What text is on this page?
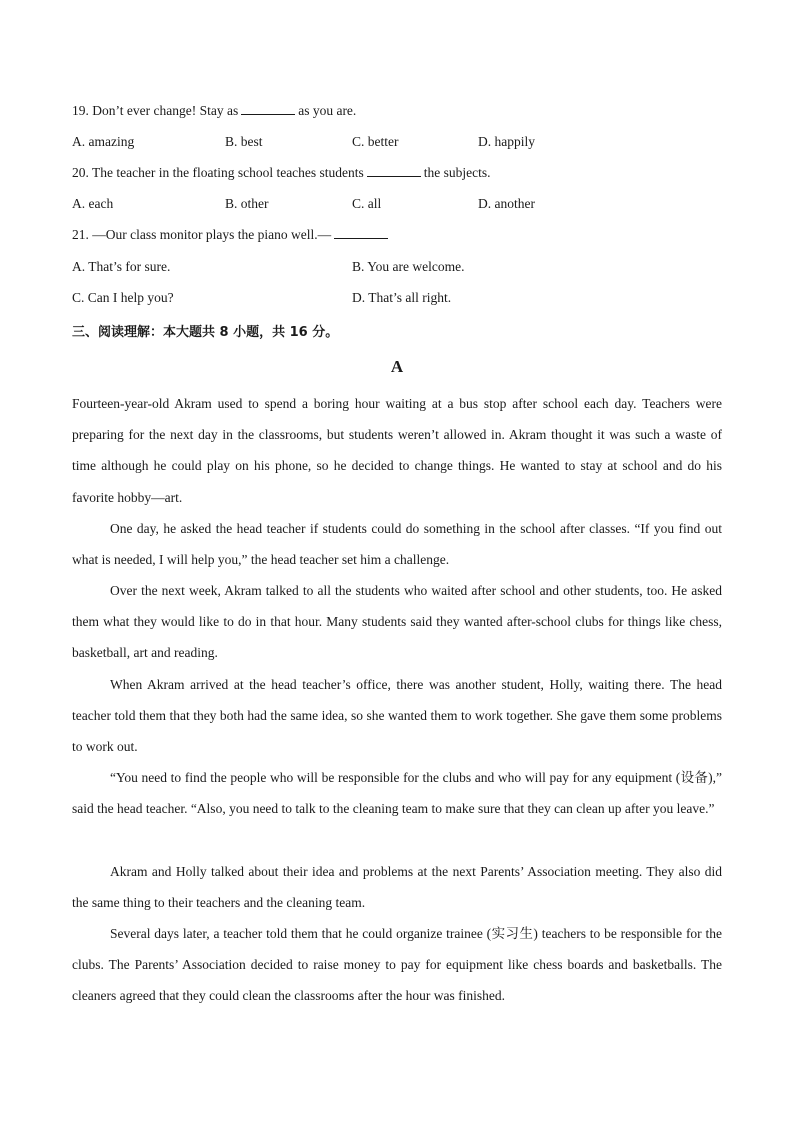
19. Don’t ever change! Stay as	as you are.
A. amazing	B. best	C. better	D. happily
20. The teacher in the floating school teaches students	the subjects.
A. each	B. other	C. all	D. another
21. —Our class monitor plays the piano well.—
A. That’s for sure.	B. You are welcome.
C. Can I help you?	D. That’s all right.
三、阅读理解：本大题共 8 小题，共 16 分。
A

Fourteen-year-old Akram used to spend a boring hour waiting at a bus stop after school each day. Teachers were preparing for the next day in the classrooms, but students weren’t allowed in. Akram thought it was such a waste of time although he could play on his phone, so he decided to change things. He wanted to stay at school and do his favorite hobby—art.

One day, he asked the head teacher if students could do something in the school after classes. “If you find out what is needed, I will help you,” the head teacher set him a challenge.

Over the next week, Akram talked to all the students who waited after school and other students, too. He asked them what they would like to do in that hour. Many students said they wanted after-school clubs for things like chess, basketball, art and reading.

When Akram arrived at the head teacher’s office, there was another student, Holly, waiting there. The head teacher told them that they both had the same idea, so she wanted them to work together. She gave them some problems to work out.

“You need to find the people who will be responsible for the clubs and who will pay for any equipment (设备),” said the head teacher. “Also, you need to talk to the cleaning team to make sure that they can clean up after you leave.”

Akram and Holly talked about their idea and problems at the next Parents’ Association meeting. They also did the same thing to their teachers and the cleaning team.

Several days later, a teacher told them that he could organize trainee (实习生) teachers to be responsible for the clubs. The Parents’ Association decided to raise money to pay for equipment like chess boards and basketballs. The cleaners agreed that they could clean the classrooms after the hour was finished.
